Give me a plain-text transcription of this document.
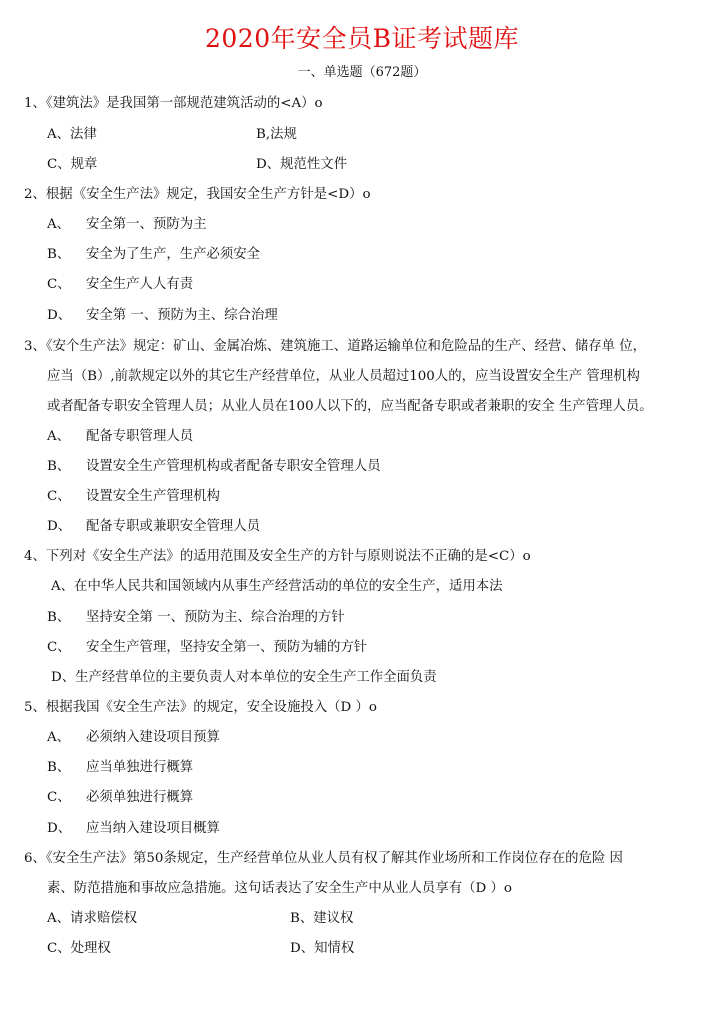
2020年安全员B证考试题库
一、单选题（672题）

1、《建筑法》是我国第一部规范建筑活动的<A）o

A、法律	B,法规
C、规章	D、规范性文件

2、根据《安全生产法》规定，我国安全生产方针是<D）o

A、 安全第一、预防为主
B、 安全为了生产，生产必须安全
C、 安全生产人人有责
D、 安全第 一、预防为主、综合治理

3、《安个生产法》规定：矿山、金属冶炼、建筑施工、道路运输单位和危险品的生产、经营、储存单 位，

应当（B）,前款规定以外的其它生产经营单位，从业人员超过100人的，应当设置安全生产 管理机构

或者配备专职安全管理人员；从业人员在100人以下的，应当配备专职或者兼职的安全 生产管理人员。

A、 配备专职管理人员
B、 设置安全生产管理机构或者配备专职安全管理人员
C、 设置安全生产管理机构
D、 配备专职或兼职安全管理人员

4、下列对《安全生产法》的适用范围及安全生产的方针与原则说法不正确的是<C）o

A、在中华人民共和国领域内从事生产经营活动的单位的安全生产，适用本法
B、 坚持安全第 一、预防为主、综合治理的方针
C、 安全生产管理，坚持安全第一、预防为辅的方针
D、生产经营单位的主要负责人对本单位的安全生产工作全面负责

5、根据我国《安全生产法》的规定，安全设施投入（D ）o

A、 必须纳入建设项目预算
B、 应当单独进行概算
C、 必须单独进行概算
D、 应当纳入建设项目概算

6、《安全生产法》第50条规定，生产经营单位从业人员有权了解其作业场所和工作岗位存在的危险 因

素、防范措施和事故应急措施。这句话表达了安全生产中从业人员享有（D ）o

A、请求赔偿权	B、建议权
C、处理权	D、知情权
